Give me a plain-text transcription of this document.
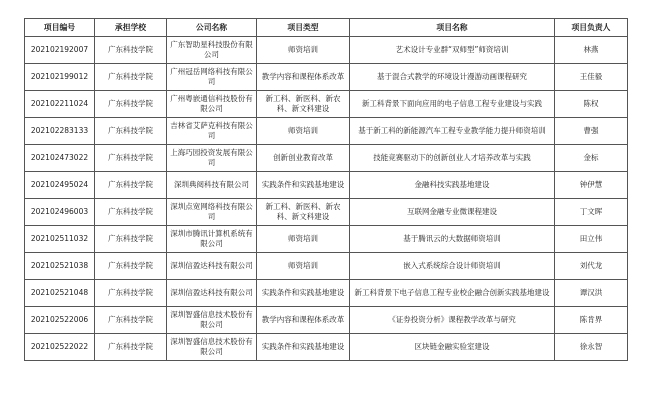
项目编号	承担学校	公司名称	项目类型	项目名称	项目负责人
202102192007	广东科技学院	广东智助星科技股份有限公司	师资培训	艺术设计专业群“双师型”师资培训	林燕
202102199012	广东科技学院	广州冠岳网络科技有限公司	教学内容和课程体系改革	基于混合式教学的环境设计漫游动画课程研究	王佳毅
202102211024	广东科技学院	广州粤嵌通信科技股份有限公司	新工科、新医科、新农科、新文科建设	新工科背景下面向应用的电子信息工程专业建设与实践	陈权
202102283133	广东科技学院	吉林省艾萨克科技有限公司	师资培训	基于新工科的新能源汽车工程专业教学能力提升师资培训	曹强
202102473022	广东科技学院	上海巧园投资发展有限公司	创新创业教育改革	技能竞赛驱动下的创新创业人才培养改革与实践	金标
202102495024	广东科技学院	深圳典阅科技有限公司	实践条件和实践基地建设	金融科技实践基地建设	钟伊慧
202102496003	广东科技学院	深圳点宽网络科技有限公司	新工科、新医科、新农科、新文科建设	互联网金融专业微课程建设	丁文晖
202102511032	广东科技学院	深圳市腾讯计算机系统有限公司	师资培训	基于腾讯云的大数据师资培训	田立伟
202102521038	广东科技学院	深圳信盈达科技有限公司	师资培训	嵌入式系统综合设计师资培训	刘代龙
202102521048	广东科技学院	深圳信盈达科技有限公司	实践条件和实践基地建设	新工科背景下电子信息工程专业校企融合创新实践基地建设	谭汉洪
202102522006	广东科技学院	深圳智盛信息技术股份有限公司	教学内容和课程体系改革	《证券投资分析》课程教学改革与研究	陈肯界
202102522022	广东科技学院	深圳智盛信息技术股份有限公司	实践条件和实践基地建设	区块链金融实验室建设	徐永智
